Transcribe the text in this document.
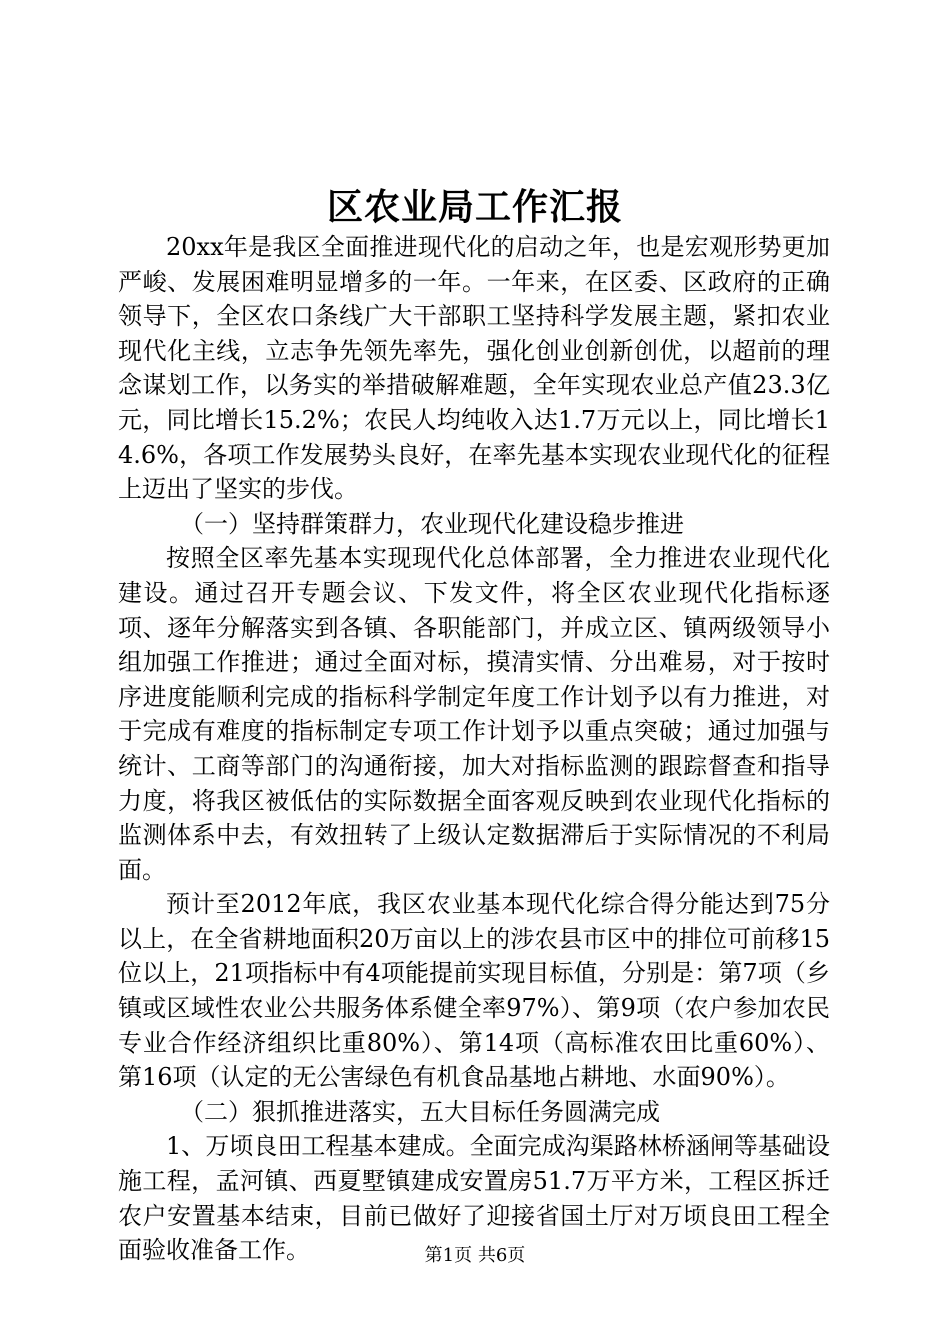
区农业局工作汇报

20xx年是我区全面推进现代化的启动之年，也是宏观形势更加严峻、发展困难明显增多的一年。一年来，在区委、区政府的正确领导下，全区农口条线广大干部职工坚持科学发展主题，紧扣农业现代化主线，立志争先领先率先，强化创业创新创优，以超前的理念谋划工作，以务实的举措破解难题，全年实现农业总产值23.3亿元，同比增长15.2%；农民人均纯收入达1.7万元以上，同比增长14.6%，各项工作发展势头良好，在率先基本实现农业现代化的征程上迈出了坚实的步伐。

（一）坚持群策群力，农业现代化建设稳步推进

按照全区率先基本实现现代化总体部署，全力推进农业现代化建设。通过召开专题会议、下发文件，将全区农业现代化指标逐项、逐年分解落实到各镇、各职能部门，并成立区、镇两级领导小组加强工作推进；通过全面对标，摸清实情、分出难易，对于按时序进度能顺利完成的指标科学制定年度工作计划予以有力推进，对于完成有难度的指标制定专项工作计划予以重点突破；通过加强与统计、工商等部门的沟通衔接，加大对指标监测的跟踪督查和指导力度，将我区被低估的实际数据全面客观反映到农业现代化指标的监测体系中去，有效扭转了上级认定数据滞后于实际情况的不利局面。

预计至2012年底，我区农业基本现代化综合得分能达到75分以上，在全省耕地面积20万亩以上的涉农县市区中的排位可前移15位以上，21项指标中有4项能提前实现目标值，分别是：第7项（乡镇或区域性农业公共服务体系健全率97%）、第9项（农户参加农民专业合作经济组织比重80%）、第14项（高标准农田比重60%）、第16项（认定的无公害绿色有机食品基地占耕地、水面90%）。

（二）狠抓推进落实，五大目标任务圆满完成

1、万顷良田工程基本建成。全面完成沟渠路林桥涵闸等基础设施工程，孟河镇、西夏墅镇建成安置房51.7万平方米，工程区拆迁农户安置基本结束，目前已做好了迎接省国土厅对万顷良田工程全面验收准备工作。	第1页 共6页
